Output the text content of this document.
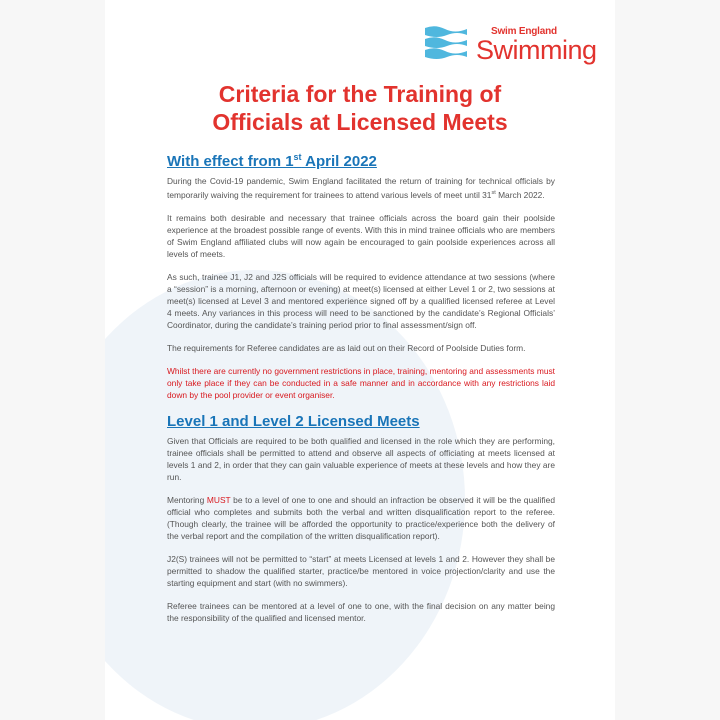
Swim England
Swimming
Criteria for the Training of
Officials at Licensed Meets
With effect from 1st April 2022

During the Covid-19 pandemic, Swim England facilitated the return of training for technical officials by temporarily waiving the requirement for trainees to attend various levels of meet until 31st March 2022.

It remains both desirable and necessary that trainee officials across the board gain their poolside experience at the broadest possible range of events. With this in mind trainee officials who are members of Swim England affiliated clubs will now again be encouraged to gain poolside experiences across all levels of meets.

As such, trainee J1, J2 and J2S officials will be required to evidence attendance at two sessions (where a “session” is a morning, afternoon or evening) at meet(s) licensed at either Level 1 or 2, two sessions at meet(s) licensed at Level 3 and mentored experience signed off by a qualified licensed referee at Level 4 meets. Any variances in this process will need to be sanctioned by the candidate’s Regional Officials’ Coordinator, during the candidate’s training period prior to final assessment/sign off.

The requirements for Referee candidates are as laid out on their Record of Poolside Duties form.

Whilst there are currently no government restrictions in place, training, mentoring and assessments must only take place if they can be conducted in a safe manner and in accordance with any restrictions laid down by the pool provider or event organiser.

Level 1 and Level 2 Licensed Meets

Given that Officials are required to be both qualified and licensed in the role which they are performing, trainee officials shall be permitted to attend and observe all aspects of officiating at meets licensed at levels 1 and 2, in order that they can gain valuable experience of meets at these levels and how they are run.

Mentoring MUST be to a level of one to one and should an infraction be observed it will be the qualified official who completes and submits both the verbal and written disqualification report to the referee. (Though clearly, the trainee will be afforded the opportunity to practice/experience both the delivery of the verbal report and the compilation of the written disqualification report).

J2(S) trainees will not be permitted to “start” at meets Licensed at levels 1 and 2. However they shall be permitted to shadow the qualified starter, practice/be mentored in voice projection/clarity and use the starting equipment and start (with no swimmers).

Referee trainees can be mentored at a level of one to one, with the final decision on any matter being the responsibility of the qualified and licensed mentor.
